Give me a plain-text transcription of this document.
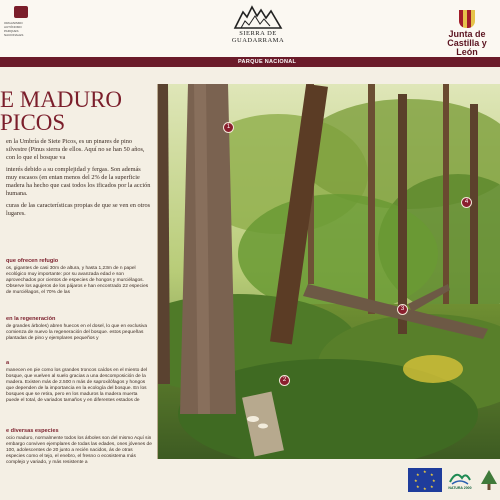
ORGANISMO
AUTÓNOMO
PARQUES
NACIONALES	SIERRA DE
GUADARRAMA
Junta de
Castilla y León
PARQUE NACIONAL
E MADURO
PICOS

en la Umbría de Siete Picos, es un pinares de pino silvestre (Pinus sierra de ellos. Aquí no se han 50 años, con lo que el bosque va

interés debido a su complejidad y fergas. Son además muy escasos (en entan menos del 2% de la superficie madera ha hecho que casi todos los ificados por la acción humana.

curas de las características propias de que se ven en otros lugares.

que ofrecen refugio

os, gigantes de casi 30m de altura, y hasta 1,23m de n papel ecológico muy importante: por su avanzada edad e son aprovechados por cientos de especies de hongos y murciélagos. Observe los agujeros de los pájaros e han encontrado 22 especies de murciélagos, el 70% de las

en la regeneración

de grandes árboles) abren huecos en el dosel, lo que en exclusiva comienza de nuevo la regeneración del bosque. estos pequeñas plantadas de pino y ejemplares pequeños y

a

manecen en pie como los grandes troncos caídos en el miento del bosque, que vuelven al suelo gracias a una descomposición de la madera. Existen más de 2.500 n más de saproxilófagos y hongos que dependen de la importancia en la ecología del bosque. En los bosques que se retira, pero en los maduros la madera muerta puede el total, de variados tamaños y en diferentes estados de

e diversas especies

ocio maduro, normalmente todos los árboles son del mismo Aquí sin embargo conviven ejemplares de todas las edades, ones jóvenes de 100, adolescentes de 20 junto a recién nacidos, ás de otras especies como el tejo, el enebro, el fresno o ecosistema más complejo y variado, y más resistente a

1
2
3
4
★
★
★
★
★
★
★
★
NATURA 2000
